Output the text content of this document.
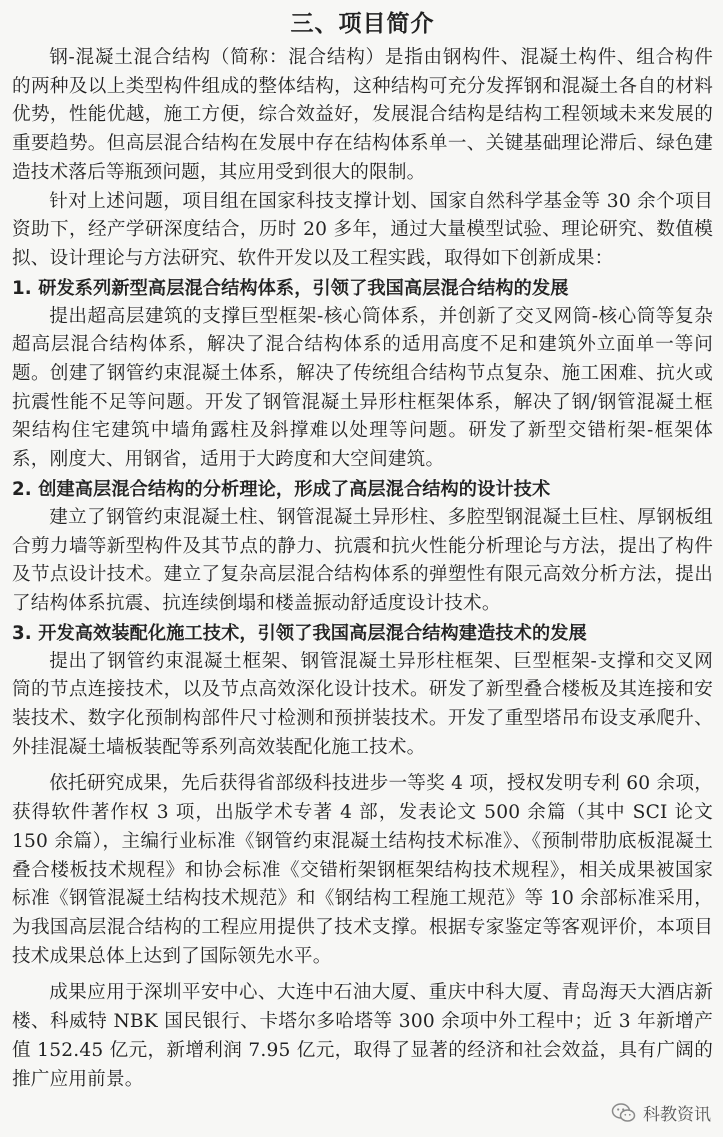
三、项目简介

钢-混凝土混合结构（简称：混合结构）是指由钢构件、混凝土构件、组合构件的两种及以上类型构件组成的整体结构，这种结构可充分发挥钢和混凝土各自的材料优势，性能优越，施工方便，综合效益好，发展混合结构是结构工程领域未来发展的重要趋势。但高层混合结构在发展中存在结构体系单一、关键基础理论滞后、绿色建造技术落后等瓶颈问题，其应用受到很大的限制。

针对上述问题，项目组在国家科技支撑计划、国家自然科学基金等 30 余个项目资助下，经产学研深度结合，历时 20 多年，通过大量模型试验、理论研究、数值模拟、设计理论与方法研究、软件开发以及工程实践，取得如下创新成果：

1. 研发系列新型高层混合结构体系，引领了我国高层混合结构的发展

提出超高层建筑的支撑巨型框架-核心筒体系，并创新了交叉网筒-核心筒等复杂超高层混合结构体系，解决了混合结构体系的适用高度不足和建筑外立面单一等问题。创建了钢管约束混凝土体系，解决了传统组合结构节点复杂、施工困难、抗火或抗震性能不足等问题。开发了钢管混凝土异形柱框架体系，解决了钢/钢管混凝土框架结构住宅建筑中墙角露柱及斜撑难以处理等问题。研发了新型交错桁架-框架体系，刚度大、用钢省，适用于大跨度和大空间建筑。

2. 创建高层混合结构的分析理论，形成了高层混合结构的设计技术

建立了钢管约束混凝土柱、钢管混凝土异形柱、多腔型钢混凝土巨柱、厚钢板组合剪力墙等新型构件及其节点的静力、抗震和抗火性能分析理论与方法，提出了构件及节点设计技术。建立了复杂高层混合结构体系的弹塑性有限元高效分析方法，提出了结构体系抗震、抗连续倒塌和楼盖振动舒适度设计技术。

3. 开发高效装配化施工技术，引领了我国高层混合结构建造技术的发展

提出了钢管约束混凝土框架、钢管混凝土异形柱框架、巨型框架-支撑和交叉网筒的节点连接技术，以及节点高效深化设计技术。研发了新型叠合楼板及其连接和安装技术、数字化预制构部件尺寸检测和预拼装技术。开发了重型塔吊布设支承爬升、外挂混凝土墙板装配等系列高效装配化施工技术。

依托研究成果，先后获得省部级科技进步一等奖 4 项，授权发明专利 60 余项，获得软件著作权 3 项，出版学术专著 4 部，发表论文 500 余篇（其中 SCI 论文 150 余篇），主编行业标准《钢管约束混凝土结构技术标准》、《预制带肋底板混凝土叠合楼板技术规程》和协会标准《交错桁架钢框架结构技术规程》，相关成果被国家标准《钢管混凝土结构技术规范》和《钢结构工程施工规范》等 10 余部标准采用，为我国高层混合结构的工程应用提供了技术支撑。根据专家鉴定等客观评价，本项目技术成果总体上达到了国际领先水平。

成果应用于深圳平安中心、大连中石油大厦、重庆中科大厦、青岛海天大酒店新楼、科威特 NBK 国民银行、卡塔尔多哈塔等 300 余项中外工程中；近 3 年新增产值 152.45 亿元，新增利润 7.95 亿元，取得了显著的经济和社会效益，具有广阔的推广应用前景。

科教资讯
